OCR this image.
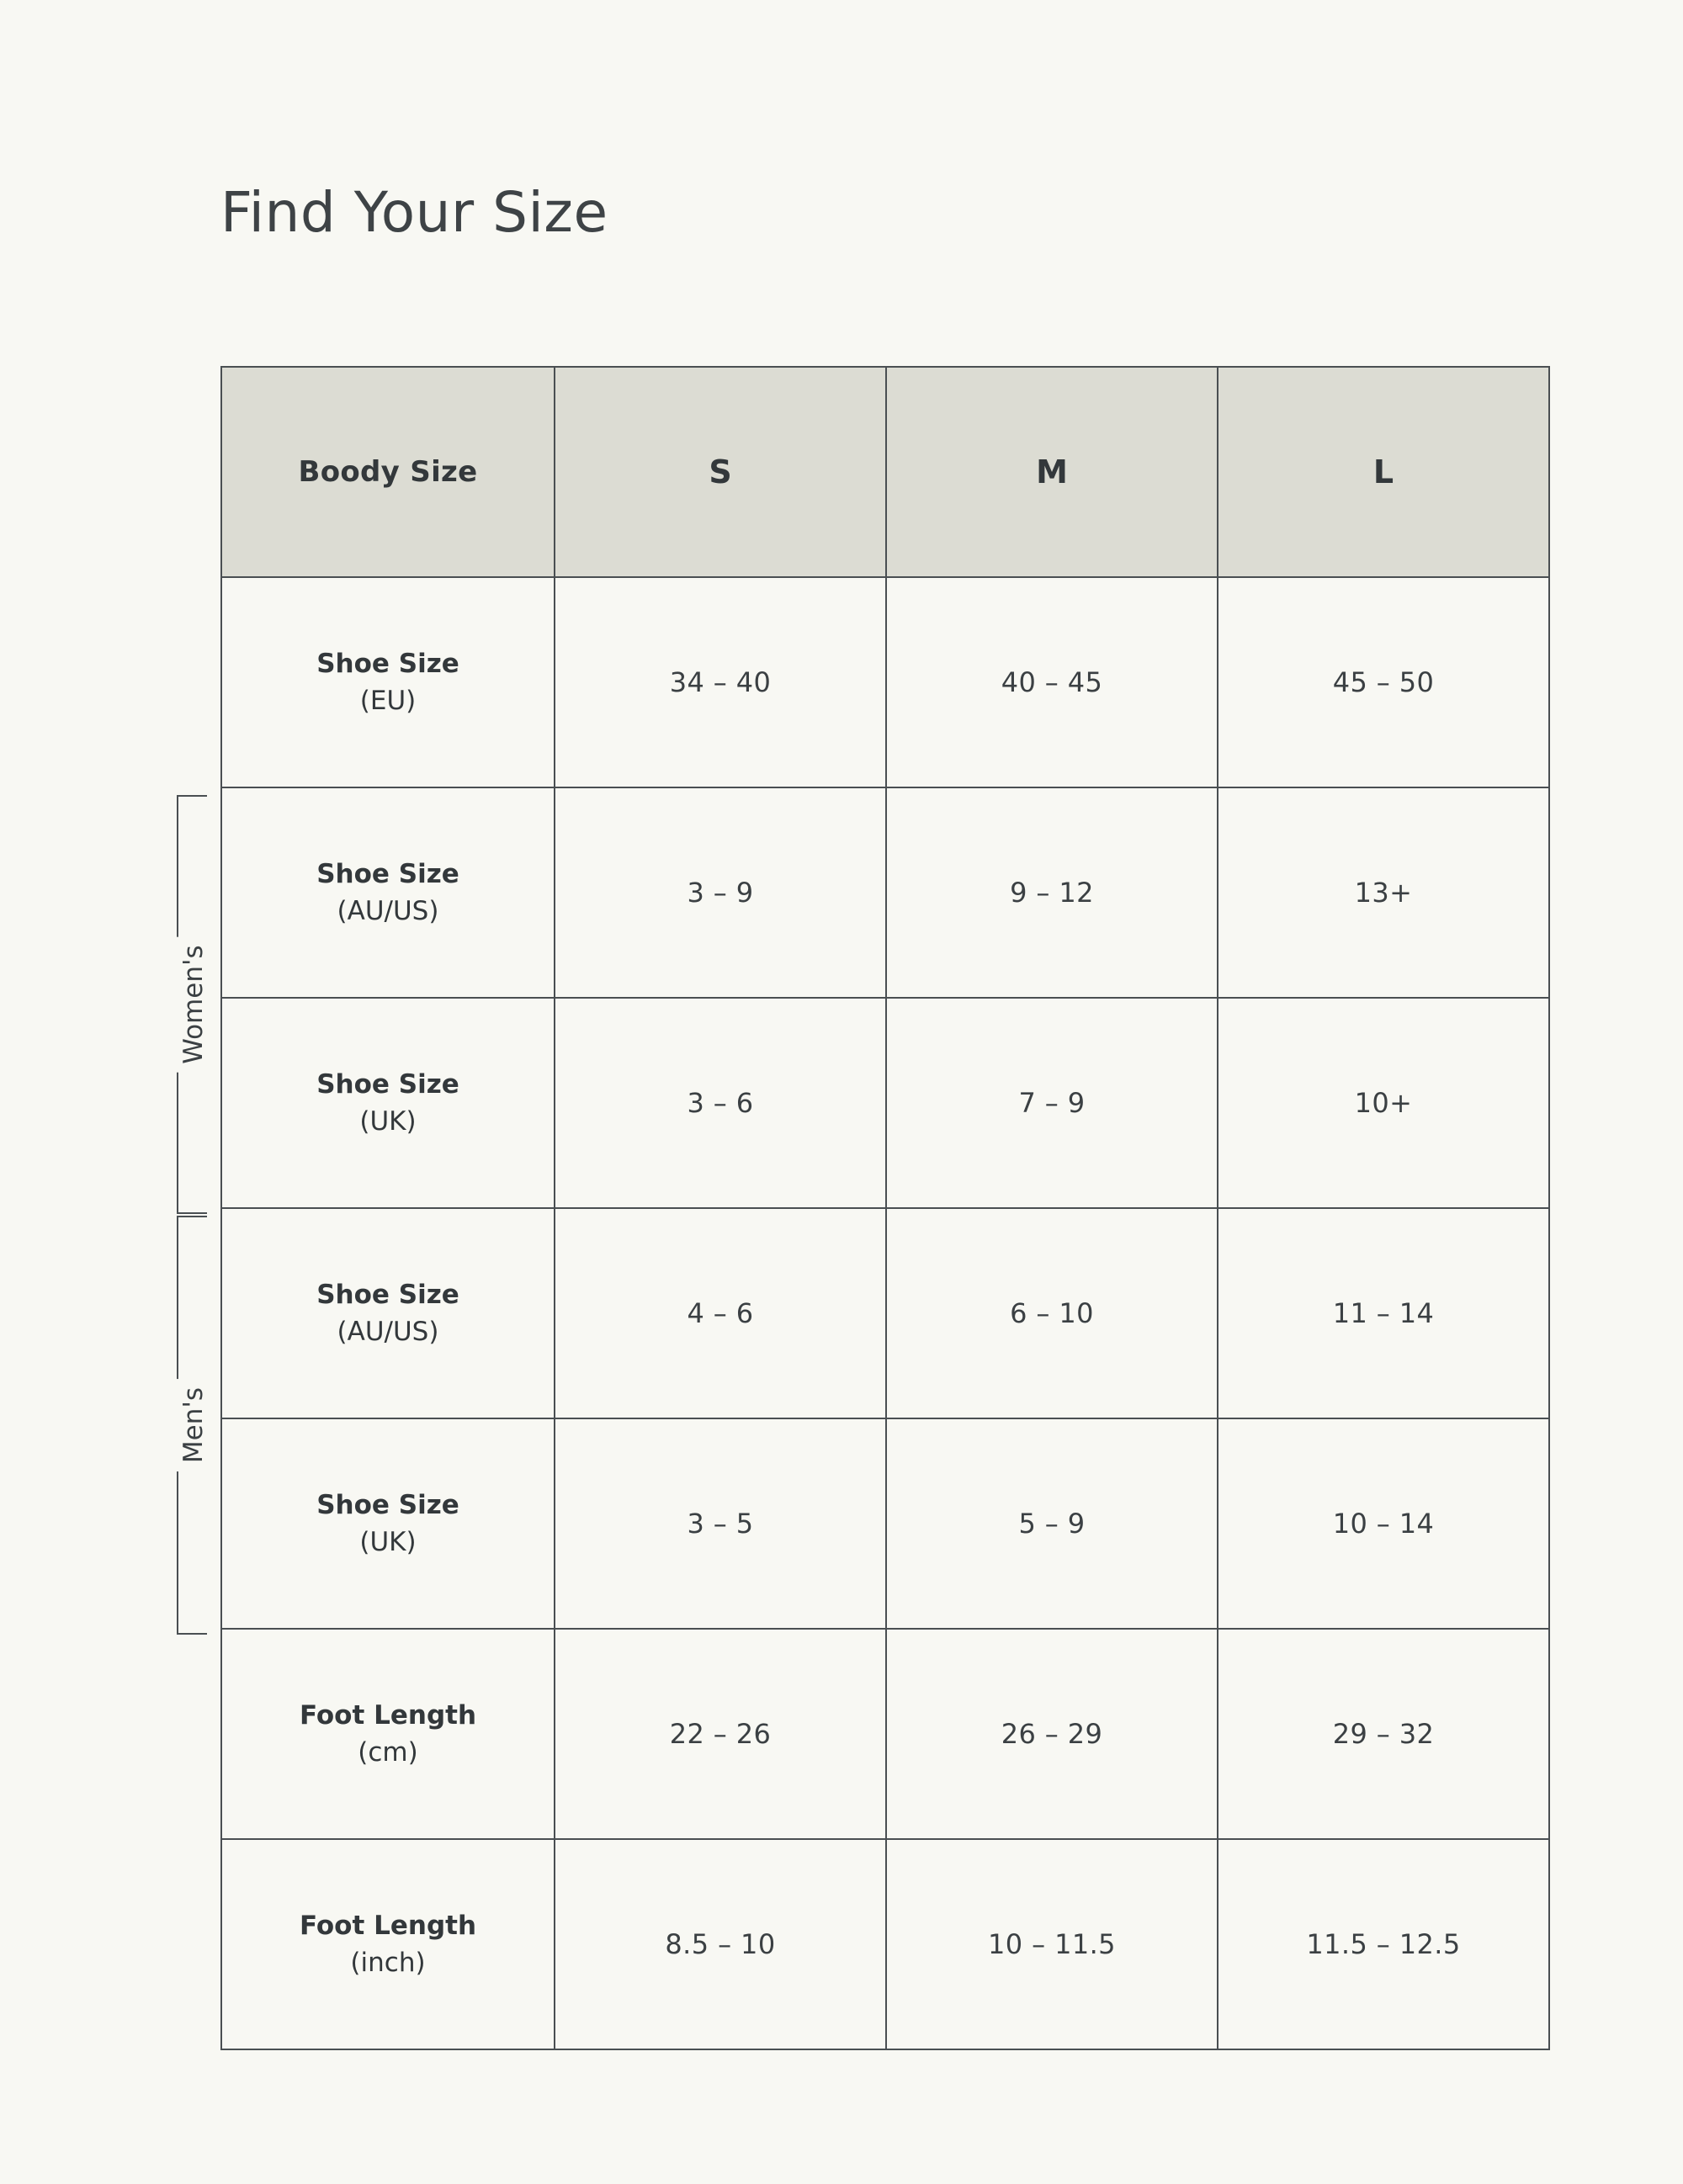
Find Your Size
Women's
Men's
Boody Size	S	M	L

Shoe Size
(EU)	34 – 40	40 – 45	45 – 50

Shoe Size
(AU/US)	3 – 9	9 – 12	13+

Shoe Size
(UK)	3 – 6	7 – 9	10+

Shoe Size
(AU/US)	4 – 6	6 – 10	11 – 14

Shoe Size
(UK)	3 – 5	5 – 9	10 – 14

Foot Length
(cm)	22 – 26	26 – 29	29 – 32

Foot Length
(inch)	8.5 – 10	10 – 11.5	11.5 – 12.5
